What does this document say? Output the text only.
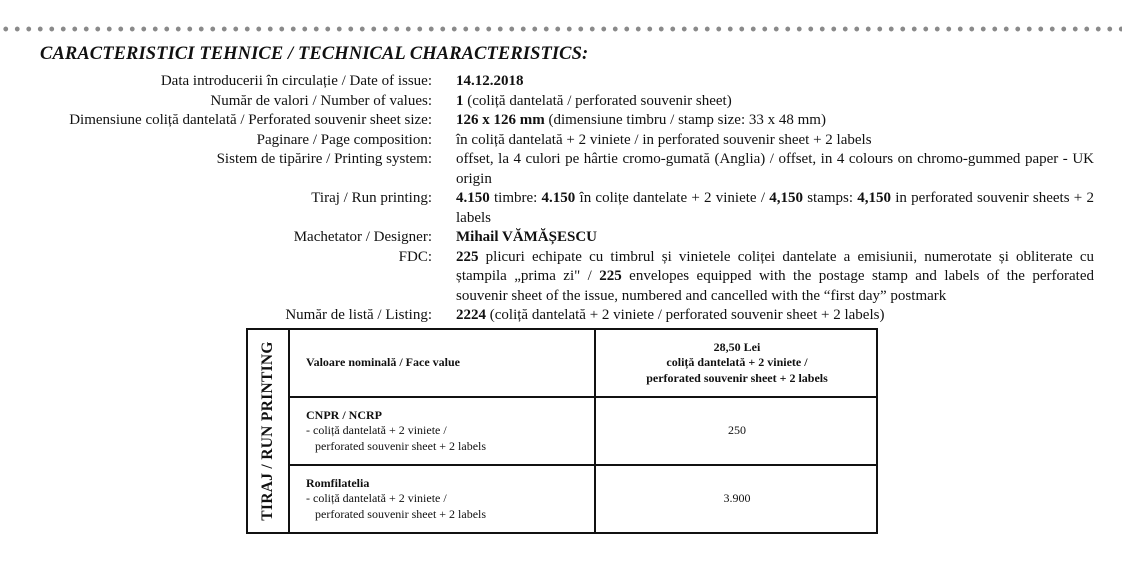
CARACTERISTICI TEHNICE / TECHNICAL CHARACTERISTICS:
Data introducerii în circulație / Date of issue: 14.12.2018
Număr de valori / Number of values: 1 (coliță dantelată / perforated souvenir sheet)
Dimensiune coliță dantelată / Perforated souvenir sheet size: 126 x 126 mm (dimensiune timbru / stamp size: 33 x 48 mm)
Paginare / Page composition: în coliță dantelată + 2 viniete / in perforated souvenir sheet + 2 labels
Sistem de tipărire / Printing system: offset, la 4 culori pe hârtie cromo-gumată (Anglia) / offset, in 4 colours on chromo-gummed paper - UK origin
Tiraj / Run printing: 4.150 timbre: 4.150 în colițe dantelate + 2 viniete / 4,150 stamps: 4,150 in perforated souvenir sheets + 2 labels
Machetator / Designer: Mihail VĂMĂȘESCU
FDC: 225 plicuri echipate cu timbrul și vinietele coliței dantelate a emisiunii, numerotate și obliterate cu ștampila „prima zi" / 225 envelopes equipped with the postage stamp and labels of the perforated souvenir sheet of the issue, numbered and cancelled with the “first day” postmark
Număr de listă / Listing: 2224 (coliță dantelată + 2 viniete / perforated souvenir sheet + 2 labels)
TIRAJ / RUN PRINTING	Valoare nominală / Face value
28,50 Lei
coliță dantelată + 2 viniete /
perforated souvenir sheet + 2 labels
CNPR / NCRP
- coliță dantelată + 2 viniete /
perforated souvenir sheet + 2 labels
250
Romfilatelia
- coliță dantelată + 2 viniete /
perforated souvenir sheet + 2 labels
3.900
